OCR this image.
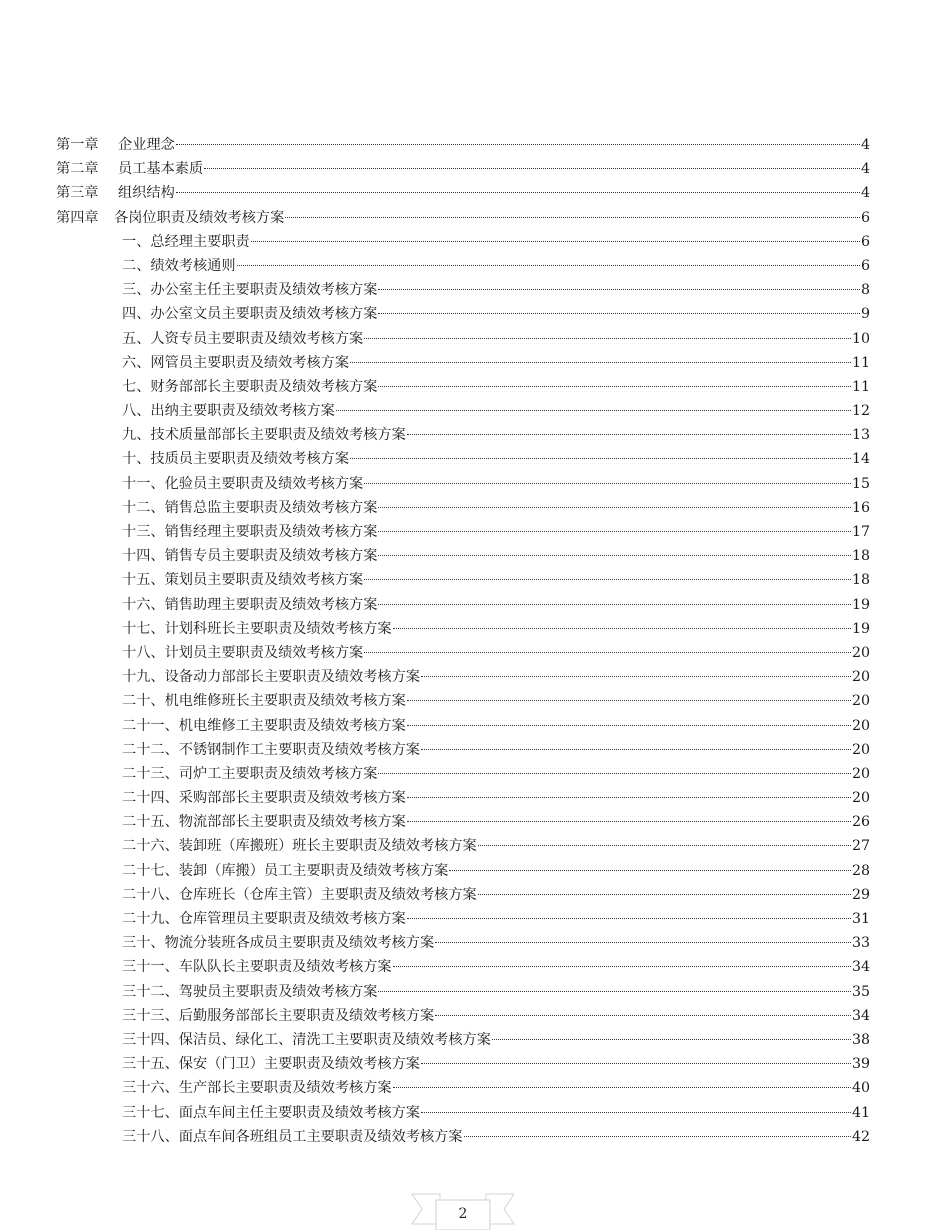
第一章 企业理念	4
第二章 员工基本素质	4
第三章 组织结构	4
第四章 各岗位职责及绩效考核方案	6
一、总经理主要职责	6
二、绩效考核通则	6
三、办公室主任主要职责及绩效考核方案	8
四、办公室文员主要职责及绩效考核方案	9
五、人资专员主要职责及绩效考核方案	10
六、网管员主要职责及绩效考核方案	11
七、财务部部长主要职责及绩效考核方案	11
八、出纳主要职责及绩效考核方案	12
九、技术质量部部长主要职责及绩效考核方案	13
十、技质员主要职责及绩效考核方案	14
十一、化验员主要职责及绩效考核方案	15
十二、销售总监主要职责及绩效考核方案	16
十三、销售经理主要职责及绩效考核方案	17
十四、销售专员主要职责及绩效考核方案	18
十五、策划员主要职责及绩效考核方案	18
十六、销售助理主要职责及绩效考核方案	19
十七、计划科班长主要职责及绩效考核方案	19
十八、计划员主要职责及绩效考核方案	20
十九、设备动力部部长主要职责及绩效考核方案	20
二十、机电维修班长主要职责及绩效考核方案	20
二十一、机电维修工主要职责及绩效考核方案	20
二十二、不锈钢制作工主要职责及绩效考核方案	20
二十三、司炉工主要职责及绩效考核方案	20
二十四、采购部部长主要职责及绩效考核方案	20
二十五、物流部部长主要职责及绩效考核方案	26
二十六、装卸班（库搬班）班长主要职责及绩效考核方案	27
二十七、装卸（库搬）员工主要职责及绩效考核方案	28
二十八、仓库班长（仓库主管）主要职责及绩效考核方案	29
二十九、仓库管理员主要职责及绩效考核方案	31
三十、物流分装班各成员主要职责及绩效考核方案	33
三十一、车队队长主要职责及绩效考核方案	34
三十二、驾驶员主要职责及绩效考核方案	35
三十三、后勤服务部部长主要职责及绩效考核方案	34
三十四、保洁员、绿化工、清洗工主要职责及绩效考核方案	38
三十五、保安（门卫）主要职责及绩效考核方案	39
三十六、生产部长主要职责及绩效考核方案	40
三十七、面点车间主任主要职责及绩效考核方案	41
三十八、面点车间各班组员工主要职责及绩效考核方案	42
2
